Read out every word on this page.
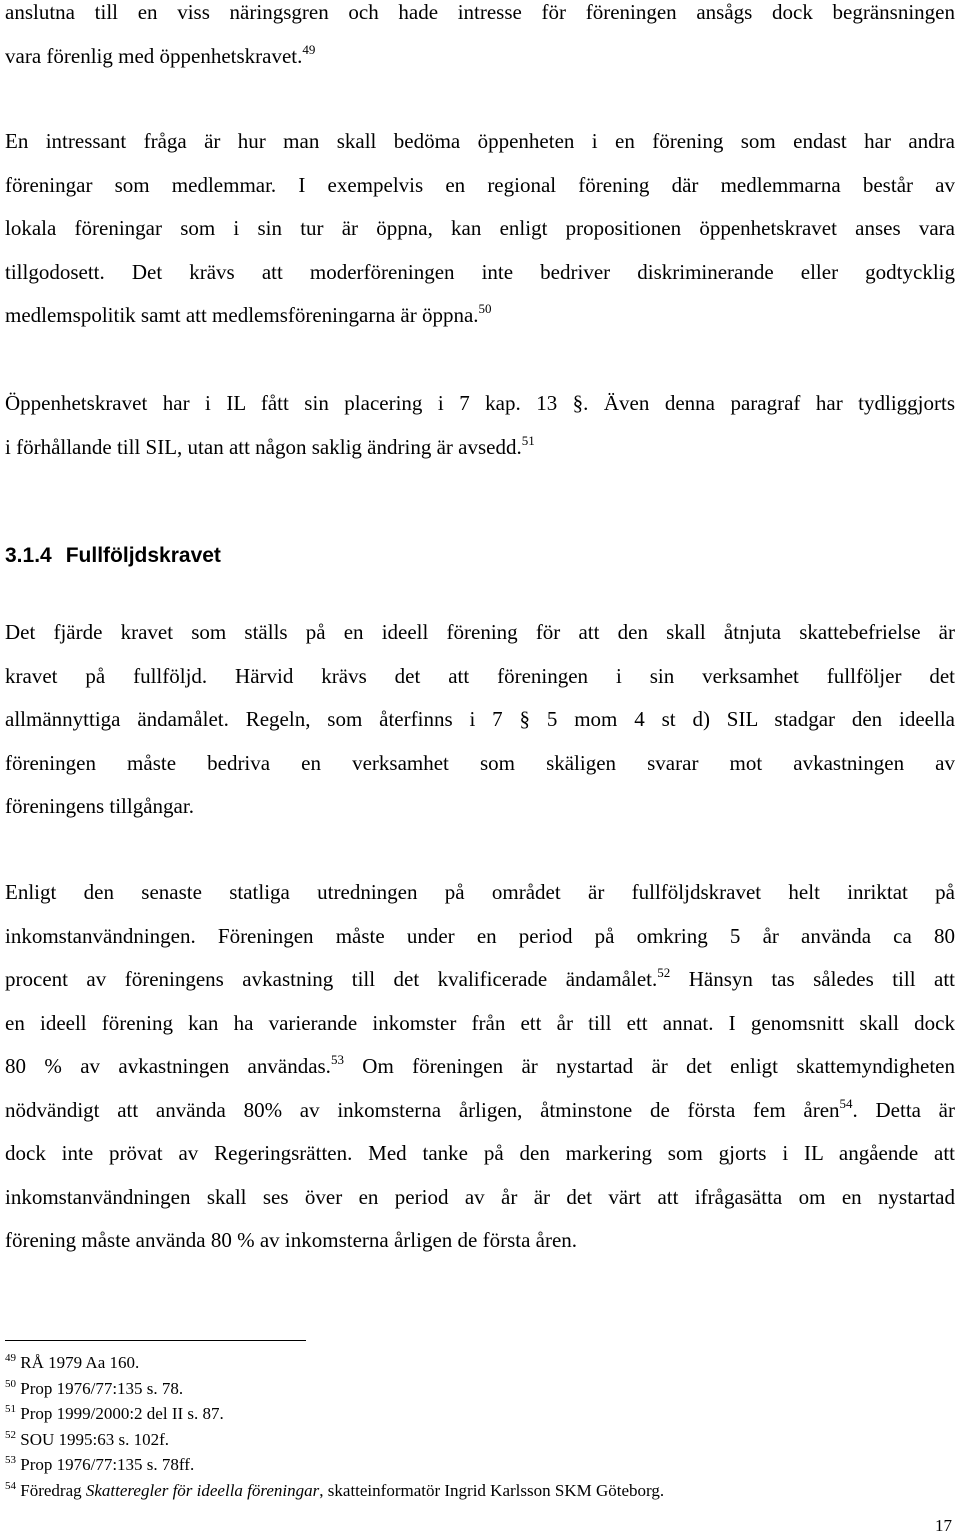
anslutna till en viss näringsgren och hade intresse för föreningen ansågs dock begränsningen
vara förenlig med öppenhetskravet.$^{49}$
En intressant fråga är hur man skall bedöma öppenheten i en förening som endast har andra
föreningar som medlemmar. I exempelvis en regional förening där medlemmarna består av
lokala föreningar som i sin tur är öppna, kan enligt propositionen öppenhetskravet anses vara
tillgodosett. Det krävs att moderföreningen inte bedriver diskriminerande eller godtycklig
medlemspolitik samt att medlemsföreningarna är öppna.$^{50}$
Öppenhetskravet har i IL fått sin placering i 7 kap. 13 §. Även denna paragraf har tydliggjorts
i förhållande till SIL, utan att någon saklig ändring är avsedd.$^{51}$
3.1.4 Fullföljdskravet
Det fjärde kravet som ställs på en ideell förening för att den skall åtnjuta skattebefrielse är
kravet på fullföljd. Härvid krävs det att föreningen i sin verksamhet fullföljer det
allmännyttiga ändamålet. Regeln, som återfinns i 7 § 5 mom 4 st d) SIL stadgar den ideella
föreningen måste bedriva en verksamhet som skäligen svarar mot avkastningen av
föreningens tillgångar.
Enligt den senaste statliga utredningen på området är fullföljdskravet helt inriktat på
inkomstanvändningen. Föreningen måste under en period på omkring 5 år använda ca 80
procent av föreningens avkastning till det kvalificerade ändamålet.$^{52}$ Hänsyn tas således till att
en ideell förening kan ha varierande inkomster från ett år till ett annat. I genomsnitt skall dock
80 % av avkastningen användas.$^{53}$ Om föreningen är nystartad är det enligt skattemyndigheten
nödvändigt att använda 80% av inkomsterna årligen, åtminstone de första fem åren$^{54}$. Detta är
dock inte prövat av Regeringsrätten. Med tanke på den markering som gjorts i IL angående att
inkomstanvändningen skall ses över en period av år är det värt att ifrågasätta om en nystartad
förening måste använda 80 % av inkomsterna årligen de första åren.
$^{49}$ RÅ 1979 Aa 160.
$^{50}$ Prop 1976/77:135 s. 78.
$^{51}$ Prop 1999/2000:2 del II s. 87.
$^{52}$ SOU 1995:63 s. 102f.
$^{53}$ Prop 1976/77:135 s. 78ff.
$^{54}$ Föredrag Skatteregler för ideella föreningar, skatteinformatör Ingrid Karlsson SKM Göteborg.
17
